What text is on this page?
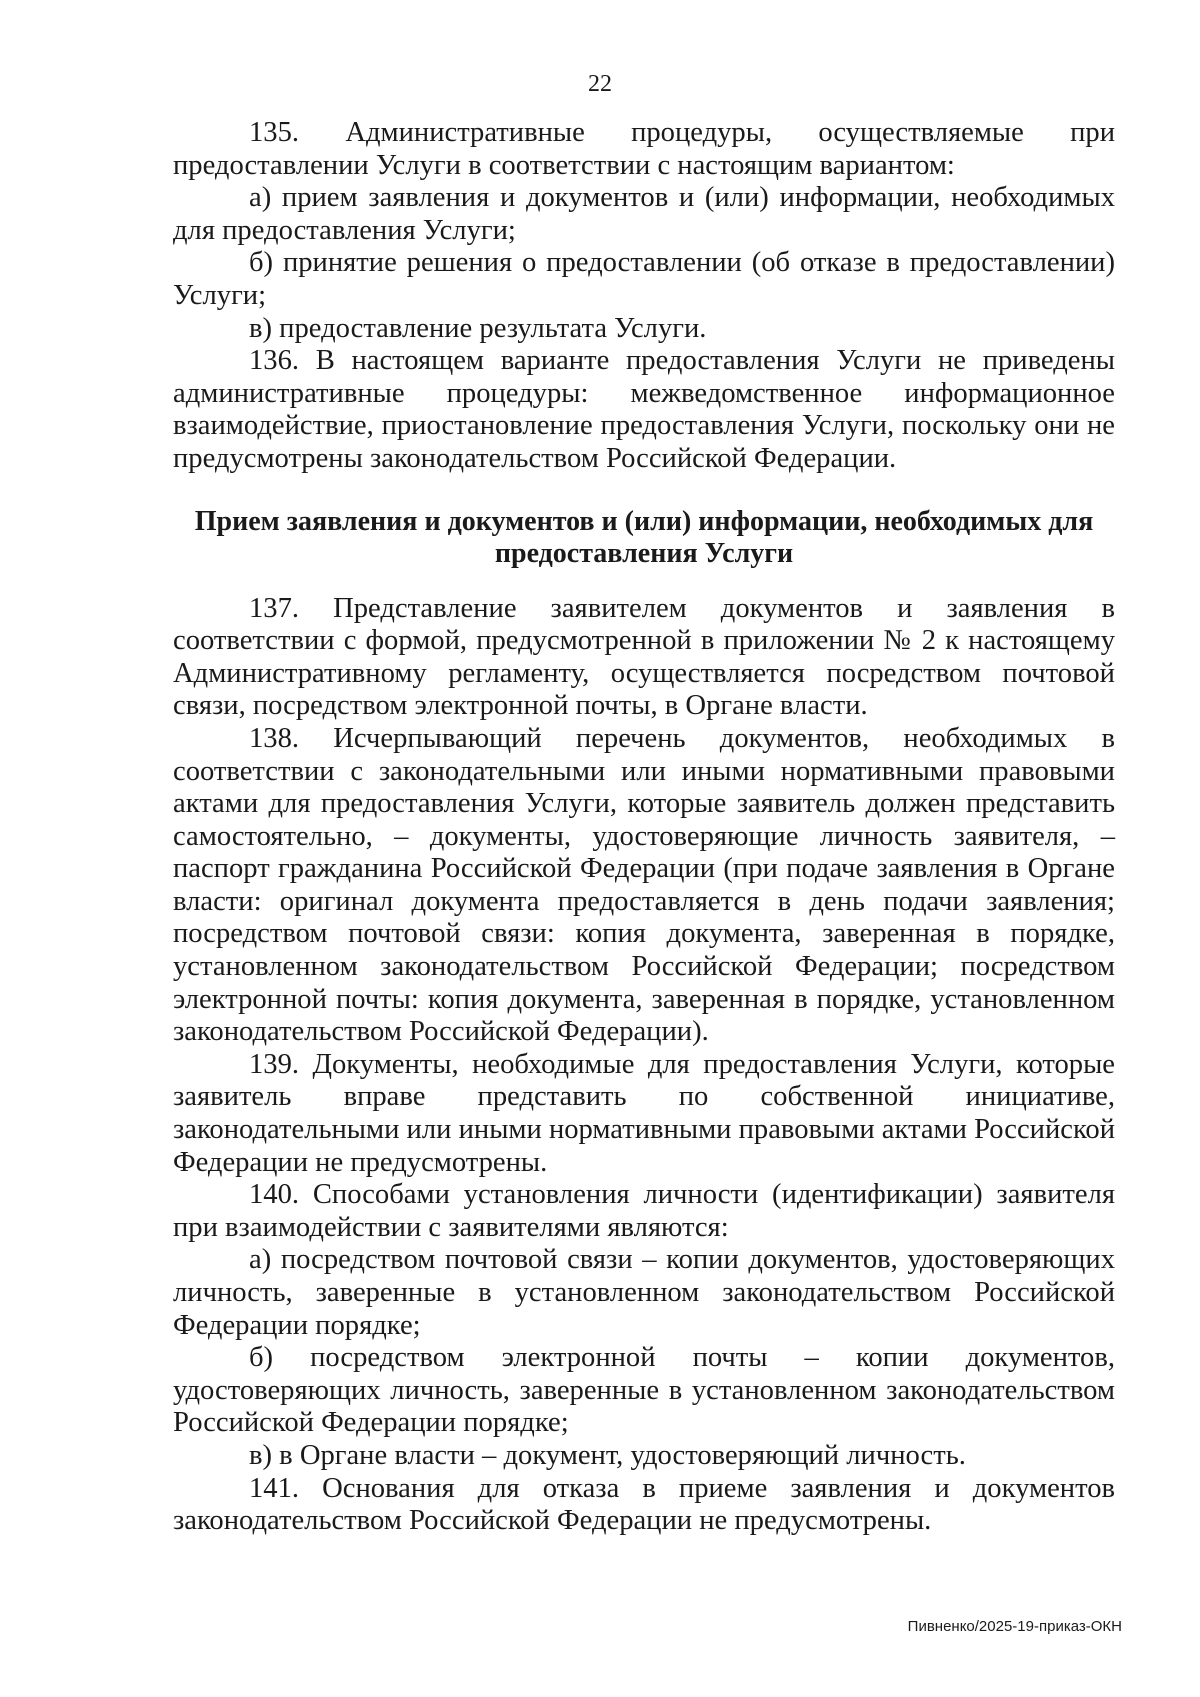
22

135. Административные процедуры, осуществляемые при предоставлении Услуги в соответствии с настоящим вариантом:

а) прием заявления и документов и (или) информации, необходимых для предоставления Услуги;

б) принятие решения о предоставлении (об отказе в предоставлении) Услуги;

в) предоставление результата Услуги.

136. В настоящем варианте предоставления Услуги не приведены административные процедуры: межведомственное информационное взаимодействие, приостановление предоставления Услуги, поскольку они не предусмотрены законодательством Российской Федерации.

Прием заявления и документов и (или) информации, необходимых для предоставления Услуги

137. Представление заявителем документов и заявления в соответствии с формой, предусмотренной в приложении № 2 к настоящему Административному регламенту, осуществляется посредством почтовой связи, посредством электронной почты, в Органе власти.

138. Исчерпывающий перечень документов, необходимых в соответствии с законодательными или иными нормативными правовыми актами для предоставления Услуги, которые заявитель должен представить самостоятельно, – документы, удостоверяющие личность заявителя, – паспорт гражданина Российской Федерации (при подаче заявления в Органе власти: оригинал документа предоставляется в день подачи заявления; посредством почтовой связи: копия документа, заверенная в порядке, установленном законодательством Российской Федерации; посредством электронной почты: копия документа, заверенная в порядке, установленном законодательством Российской Федерации).

139. Документы, необходимые для предоставления Услуги, которые заявитель вправе представить по собственной инициативе, законодательными или иными нормативными правовыми актами Российской Федерации не предусмотрены.

140. Способами установления личности (идентификации) заявителя при взаимодействии с заявителями являются:

а) посредством почтовой связи – копии документов, удостоверяющих личность, заверенные в установленном законодательством Российской Федерации порядке;

б) посредством электронной почты – копии документов, удостоверяющих личность, заверенные в установленном законодательством Российской Федерации порядке;

в) в Органе власти – документ, удостоверяющий личность.

141. Основания для отказа в приеме заявления и документов законодательством Российской Федерации не предусмотрены.

Пивненко/2025-19-приказ-ОКН
